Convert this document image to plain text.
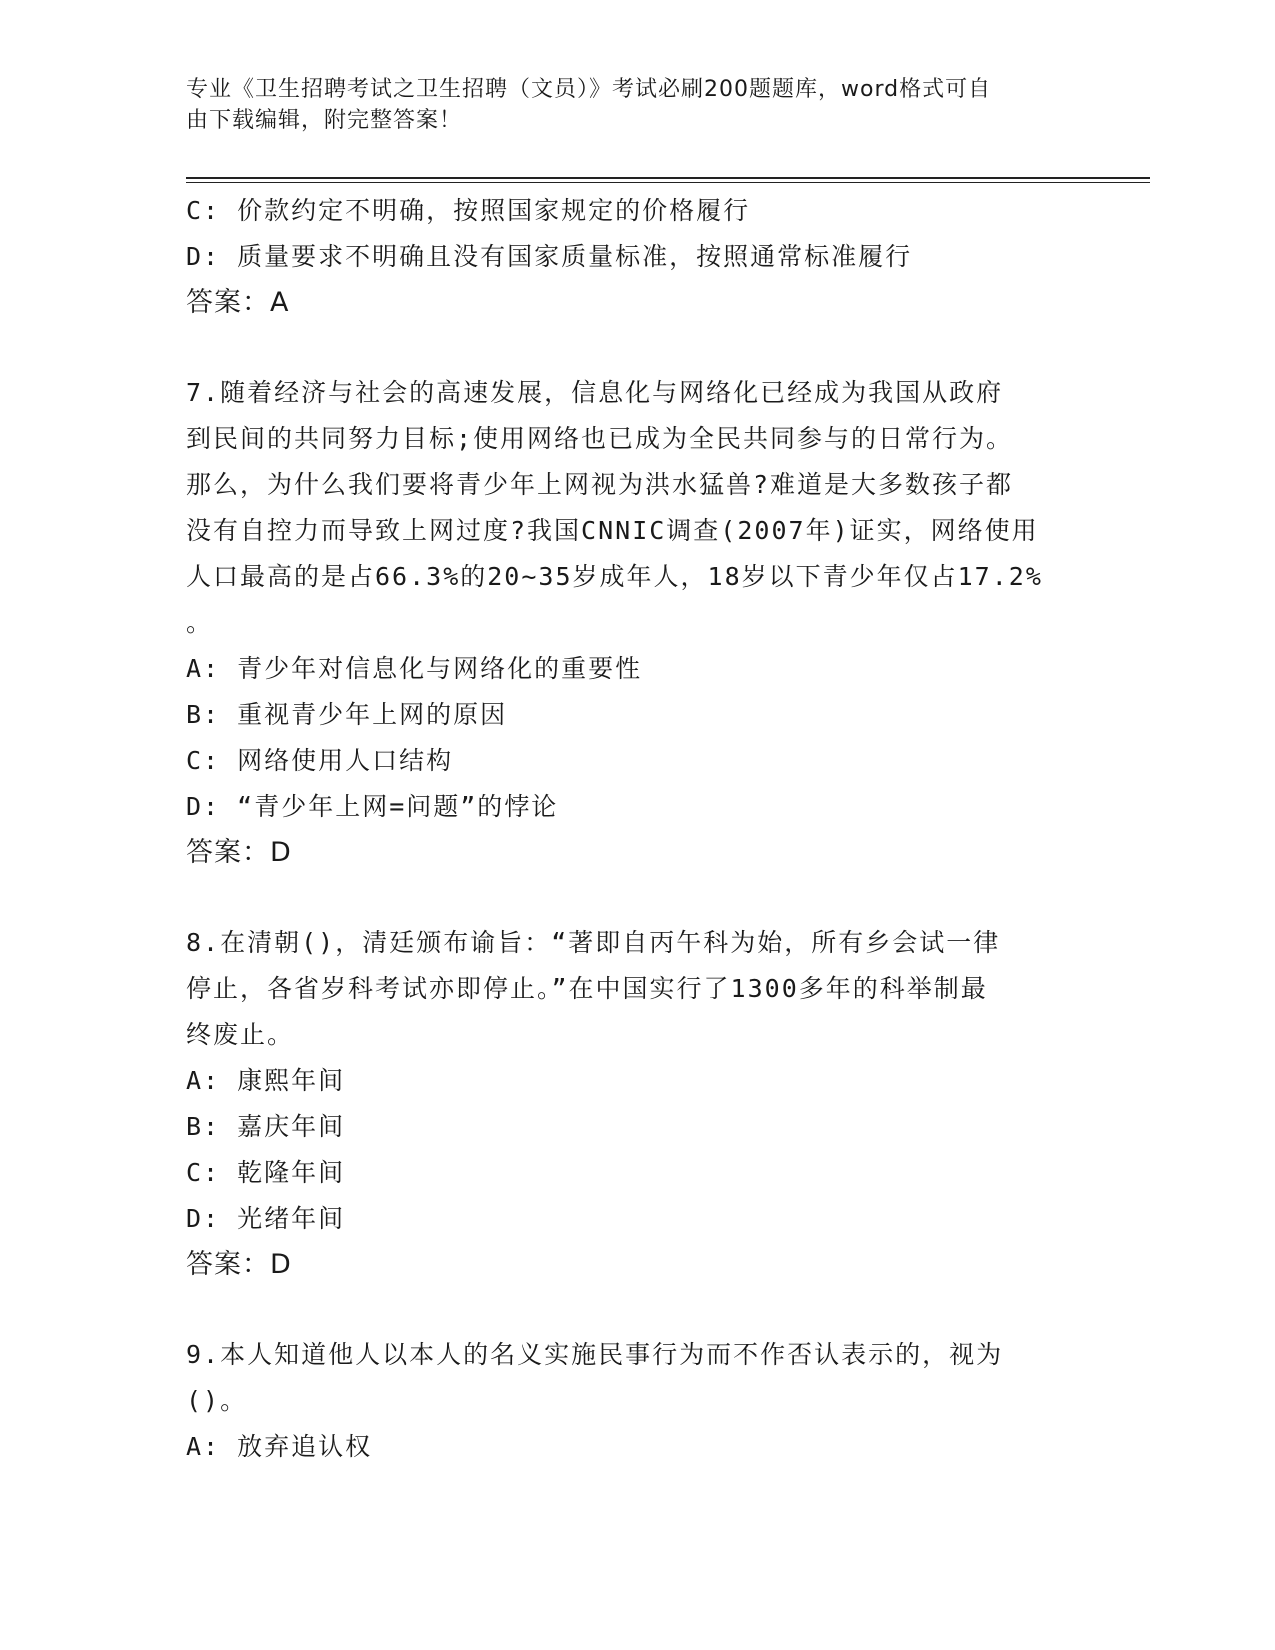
专业《卫生招聘考试之卫生招聘（文员）》考试必刷200题题库，word格式可自
由下载编辑，附完整答案！
C: 价款约定不明确，按照国家规定的价格履行
D: 质量要求不明确且没有国家质量标准，按照通常标准履行
答案：A
7.随着经济与社会的高速发展，信息化与网络化已经成为我国从政府
到民间的共同努力目标;使用网络也已成为全民共同参与的日常行为。
那么，为什么我们要将青少年上网视为洪水猛兽?难道是大多数孩子都
没有自控力而导致上网过度?我国CNNIC调查(2007年)证实，网络使用
人口最高的是占66.3%的20~35岁成年人，18岁以下青少年仅占17.2%
。
A: 青少年对信息化与网络化的重要性
B: 重视青少年上网的原因
C: 网络使用人口结构
D: “青少年上网=问题”的悖论
答案：D
8.在清朝()，清廷颁布谕旨：“著即自丙午科为始，所有乡会试一律
停止，各省岁科考试亦即停止。”在中国实行了1300多年的科举制最
终废止。
A: 康熙年间
B: 嘉庆年间
C: 乾隆年间
D: 光绪年间
答案：D
9.本人知道他人以本人的名义实施民事行为而不作否认表示的，视为
()。
A: 放弃追认权
